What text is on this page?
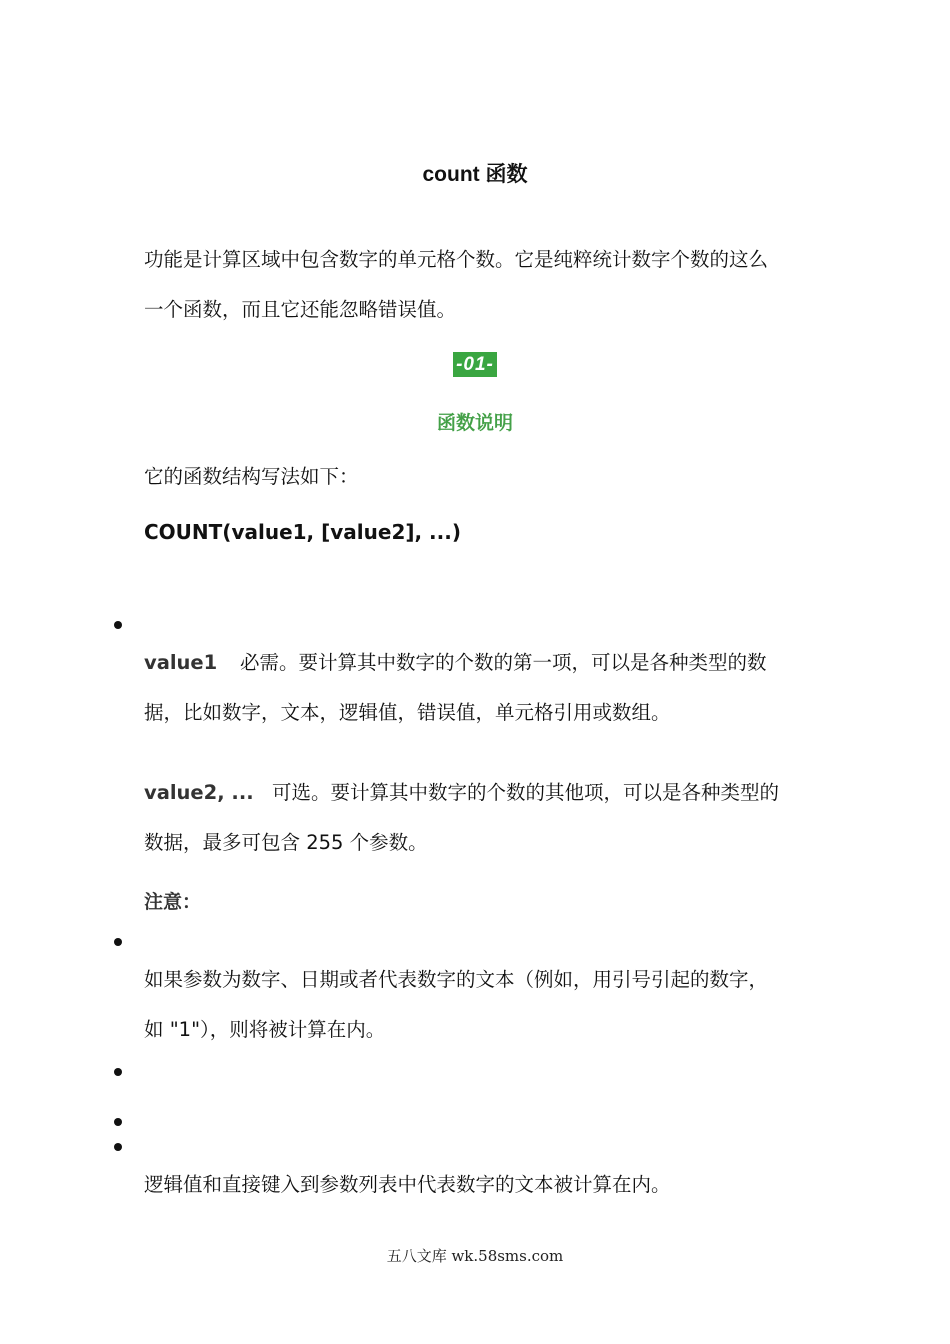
count 函数
功能是计算区域中包含数字的单元格个数。它是纯粹统计数字个数的这么
一个函数，而且它还能忽略错误值。
-01-
函数说明
它的函数结构写法如下：
COUNT(value1, [value2], ...)
value1 必需。要计算其中数字的个数的第一项，可以是各种类型的数
据，比如数字，文本，逻辑值，错误值，单元格引用或数组。
value2, ... 可选。要计算其中数字的个数的其他项，可以是各种类型的
数据，最多可包含 255 个参数。
注意：
如果参数为数字、日期或者代表数字的文本（例如，用引号引起的数字，
如 "1"），则将被计算在内。
逻辑值和直接键入到参数列表中代表数字的文本被计算在内。
五八文库 wk.58sms.com
